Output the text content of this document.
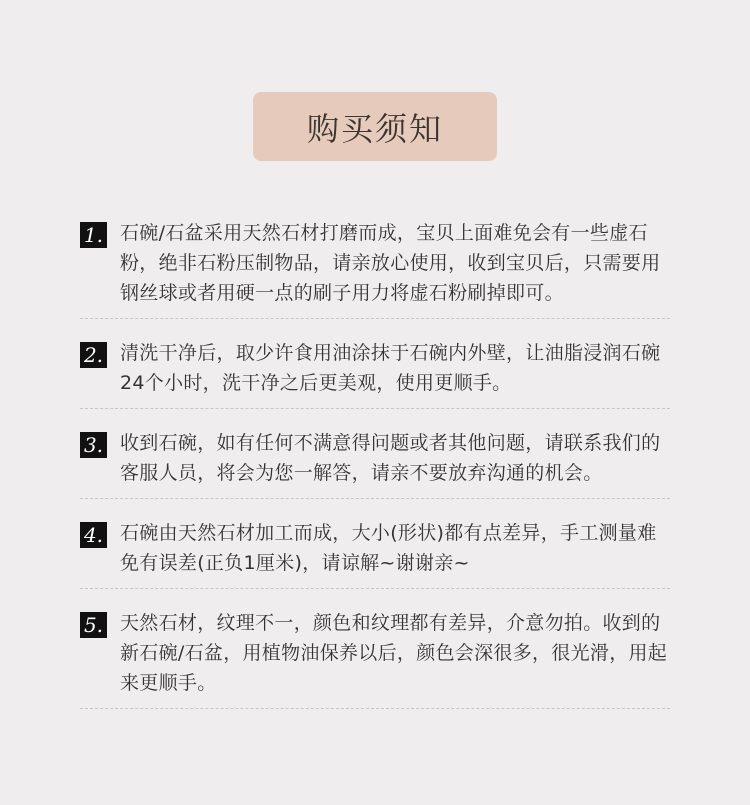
购买须知
1. 石碗/石盆采用天然石材打磨而成，宝贝上面难免会有一些虚石粉，绝非石粉压制物品，请亲放心使用，收到宝贝后，只需要用钢丝球或者用硬一点的刷子用力将虚石粉刷掉即可。
2. 清洗干净后，取少许食用油涂抹于石碗内外壁，让油脂浸润石碗24个小时，洗干净之后更美观，使用更顺手。
3. 收到石碗，如有任何不满意得问题或者其他问题，请联系我们的客服人员，将会为您一解答，请亲不要放弃沟通的机会。
4. 石碗由天然石材加工而成，大小(形状)都有点差异，手工测量难免有误差(正负1厘米)，请谅解~谢谢亲~
5. 天然石材，纹理不一，颜色和纹理都有差异，介意勿拍。收到的新石碗/石盆，用植物油保养以后，颜色会深很多，很光滑，用起来更顺手。
